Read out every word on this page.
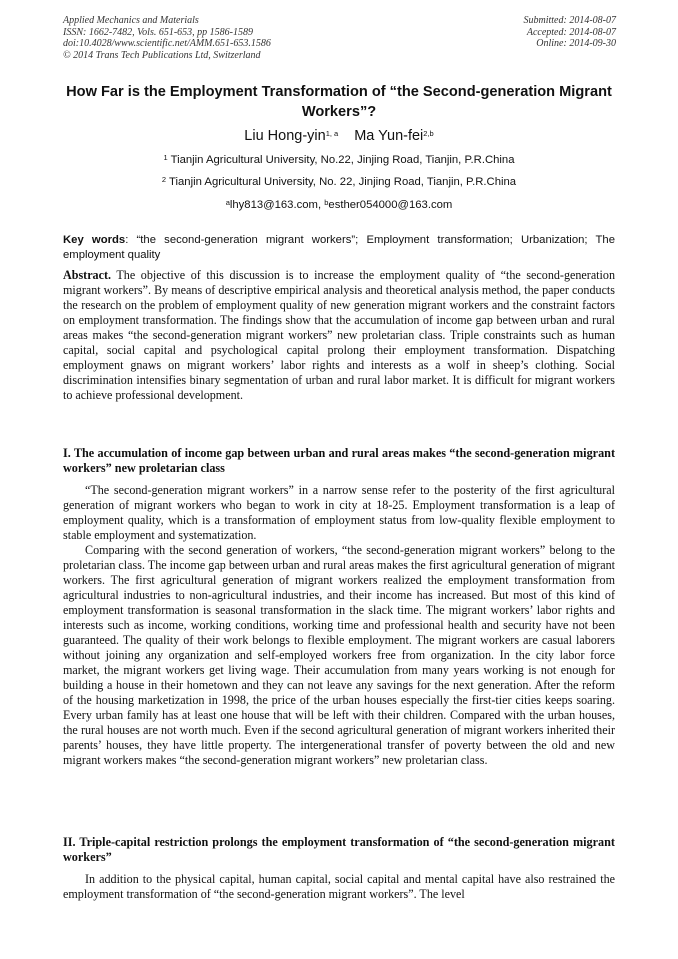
Applied Mechanics and Materials
ISSN: 1662-7482, Vols. 651-653, pp 1586-1589
doi:10.4028/www.scientific.net/AMM.651-653.1586
© 2014 Trans Tech Publications Ltd, Switzerland
Submitted: 2014-08-07
Accepted: 2014-08-07
Online: 2014-09-30
How Far is the Employment Transformation of “the Second-generation Migrant Workers”?
Liu Hong-yin$^{1, a}$ Ma Yun-fei$^{2,b}$
$^1$ Tianjin Agricultural University, No.22, Jinjing Road, Tianjin, P.R.China
$^2$ Tianjin Agricultural University, No. 22, Jinjing Road, Tianjin, P.R.China
$^a$lhy813@163.com, $^b$esther054000@163.com
Key words: “the second-generation migrant workers”; Employment transformation; Urbanization; The employment quality
Abstract. The objective of this discussion is to increase the employment quality of “the second-generation migrant workers”. By means of descriptive empirical analysis and theoretical analysis method, the paper conducts the research on the problem of employment quality of new generation migrant workers and the constraint factors on employment transformation. The findings show that the accumulation of income gap between urban and rural areas makes “the second-generation migrant workers” new proletarian class. Triple constraints such as human capital, social capital and psychological capital prolong their employment transformation. Dispatching employment gnaws on migrant workers’ labor rights and interests as a wolf in sheep’s clothing. Social discrimination intensifies binary segmentation of urban and rural labor market. It is difficult for migrant workers to achieve professional development.
I. The accumulation of income gap between urban and rural areas makes “the second-generation migrant workers” new proletarian class

“The second-generation migrant workers” in a narrow sense refer to the posterity of the first agricultural generation of migrant workers who began to work in city at 18-25. Employment transformation is a leap of employment quality, which is a transformation of employment status from low-quality flexible employment to stable employment and systematization.

Comparing with the second generation of workers, “the second-generation migrant workers” belong to the proletarian class. The income gap between urban and rural areas makes the first agricultural generation of migrant workers. The first agricultural generation of migrant workers realized the employment transformation from agricultural industries to non-agricultural industries, and their income has increased. But most of this kind of employment transformation is seasonal transformation in the slack time. The migrant workers’ labor rights and interests such as income, working conditions, working time and professional health and security have not been guaranteed. The quality of their work belongs to flexible employment. The migrant workers are casual laborers without joining any organization and self-employed workers free from organization. In the city labor force market, the migrant workers get living wage. Their accumulation from many years working is not enough for building a house in their hometown and they can not leave any savings for the next generation. After the reform of the housing marketization in 1998, the price of the urban houses especially the first-tier cities keeps soaring. Every urban family has at least one house that will be left with their children. Compared with the urban houses, the rural houses are not worth much. Even if the second agricultural generation of migrant workers inherited their parents’ houses, they have little property. The intergenerational transfer of poverty between the old and new migrant workers makes “the second-generation migrant workers” new proletarian class.

II. Triple-capital restriction prolongs the employment transformation of “the second-generation migrant workers”

In addition to the physical capital, human capital, social capital and mental capital have also restrained the employment transformation of “the second-generation migrant workers”. The level
